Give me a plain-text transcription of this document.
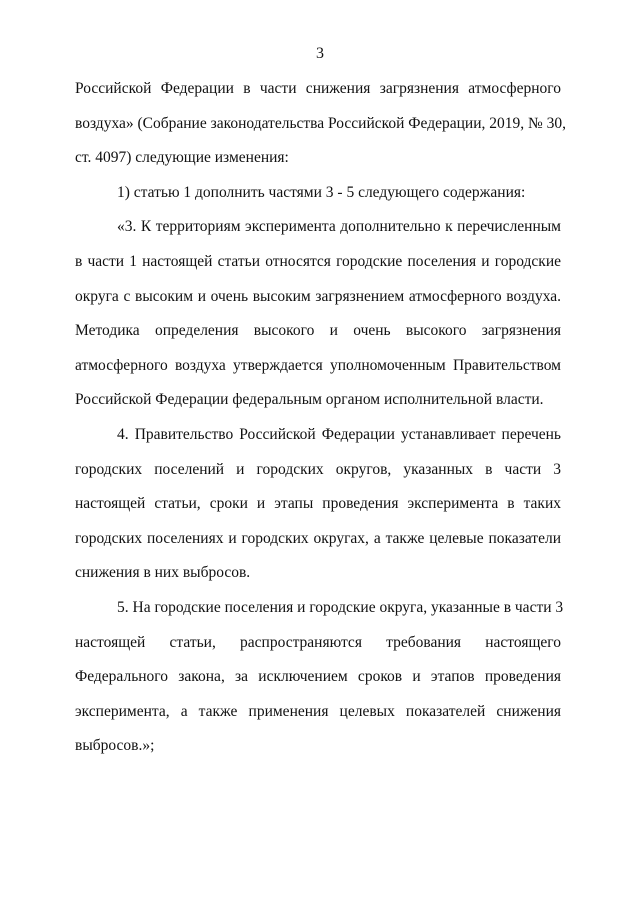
3
Российской Федерации в части снижения загрязнения атмосферного
воздуха» (Собрание законодательства Российской Федерации, 2019, № 30,
ст. 4097) следующие изменения:
1) статью 1 дополнить частями 3 - 5 следующего содержания:
«3. К территориям эксперимента дополнительно к перечисленным
в части 1 настоящей статьи относятся городские поселения и городские
округа с высоким и очень высоким загрязнением атмосферного воздуха.
Методика определения высокого и очень высокого загрязнения
атмосферного воздуха утверждается уполномоченным Правительством
Российской Федерации федеральным органом исполнительной власти.
4. Правительство Российской Федерации устанавливает перечень
городских поселений и городских округов, указанных в части 3
настоящей статьи, сроки и этапы проведения эксперимента в таких
городских поселениях и городских округах, а также целевые показатели
снижения в них выбросов.
5. На городские поселения и городские округа, указанные в части 3
настоящей статьи, распространяются требования настоящего
Федерального закона, за исключением сроков и этапов проведения
эксперимента, а также применения целевых показателей снижения
выбросов.»;
